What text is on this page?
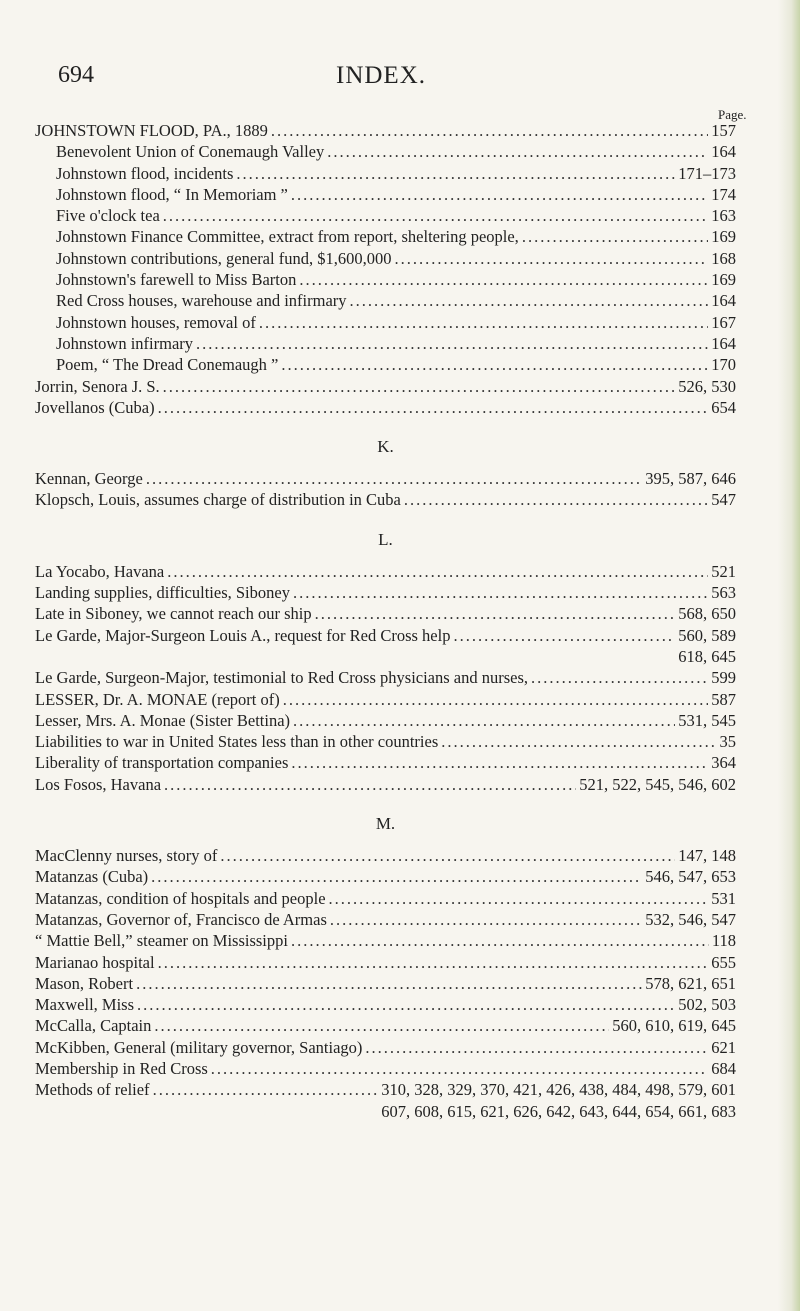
694	INDEX.
Page.
JOHNSTOWN FLOOD, PA., 1889 .....	157
Benevolent Union of Conemaugh Valley .....	164
Johnstown flood, incidents .....	171–173
Johnstown flood, “ In Memoriam ” .....	174
Five o'clock tea .....	163
Johnstown Finance Committee, extract from report, sheltering people, .....	169
Johnstown contributions, general fund, $1,600,000 .....	168
Johnstown's farewell to Miss Barton .....	169
Red Cross houses, warehouse and infirmary .....	164
Johnstown houses, removal of .....	167
Johnstown infirmary .....	164
Poem, “ The Dread Conemaugh ” .....	170
Jorrin, Senora J. S. .....	526, 530
Jovellanos (Cuba) .....	654
K.
Kennan, George .....	395, 587, 646
Klopsch, Louis, assumes charge of distribution in Cuba .....	547
L.
La Yocabo, Havana .....	521
Landing supplies, difficulties, Siboney .....	563
Late in Siboney, we cannot reach our ship .....	568, 650
Le Garde, Major-Surgeon Louis A., request for Red Cross help .....	560, 589
618, 645
Le Garde, Surgeon-Major, testimonial to Red Cross physicians and nurses, .....	599
LESSER, Dr. A. MONAE (report of) .....	587
Lesser, Mrs. A. Monae (Sister Bettina) .....	531, 545
Liabilities to war in United States less than in other countries .....	35
Liberality of transportation companies .....	364
Los Fosos, Havana .....	521, 522, 545, 546, 602
M.
MacClenny nurses, story of .....	147, 148
Matanzas (Cuba) .....	546, 547, 653
Matanzas, condition of hospitals and people .....	531
Matanzas, Governor of, Francisco de Armas .....	532, 546, 547
“ Mattie Bell,” steamer on Mississippi .....	118
Marianao hospital .....	655
Mason, Robert .....	578, 621, 651
Maxwell, Miss .....	502, 503
McCalla, Captain .....	560, 610, 619, 645
McKibben, General (military governor, Santiago) .....	621
Membership in Red Cross .....	684
Methods of relief .....	310, 328, 329, 370, 421, 426, 438, 484, 498, 579, 601
607, 608, 615, 621, 626, 642, 643, 644, 654, 661, 683
